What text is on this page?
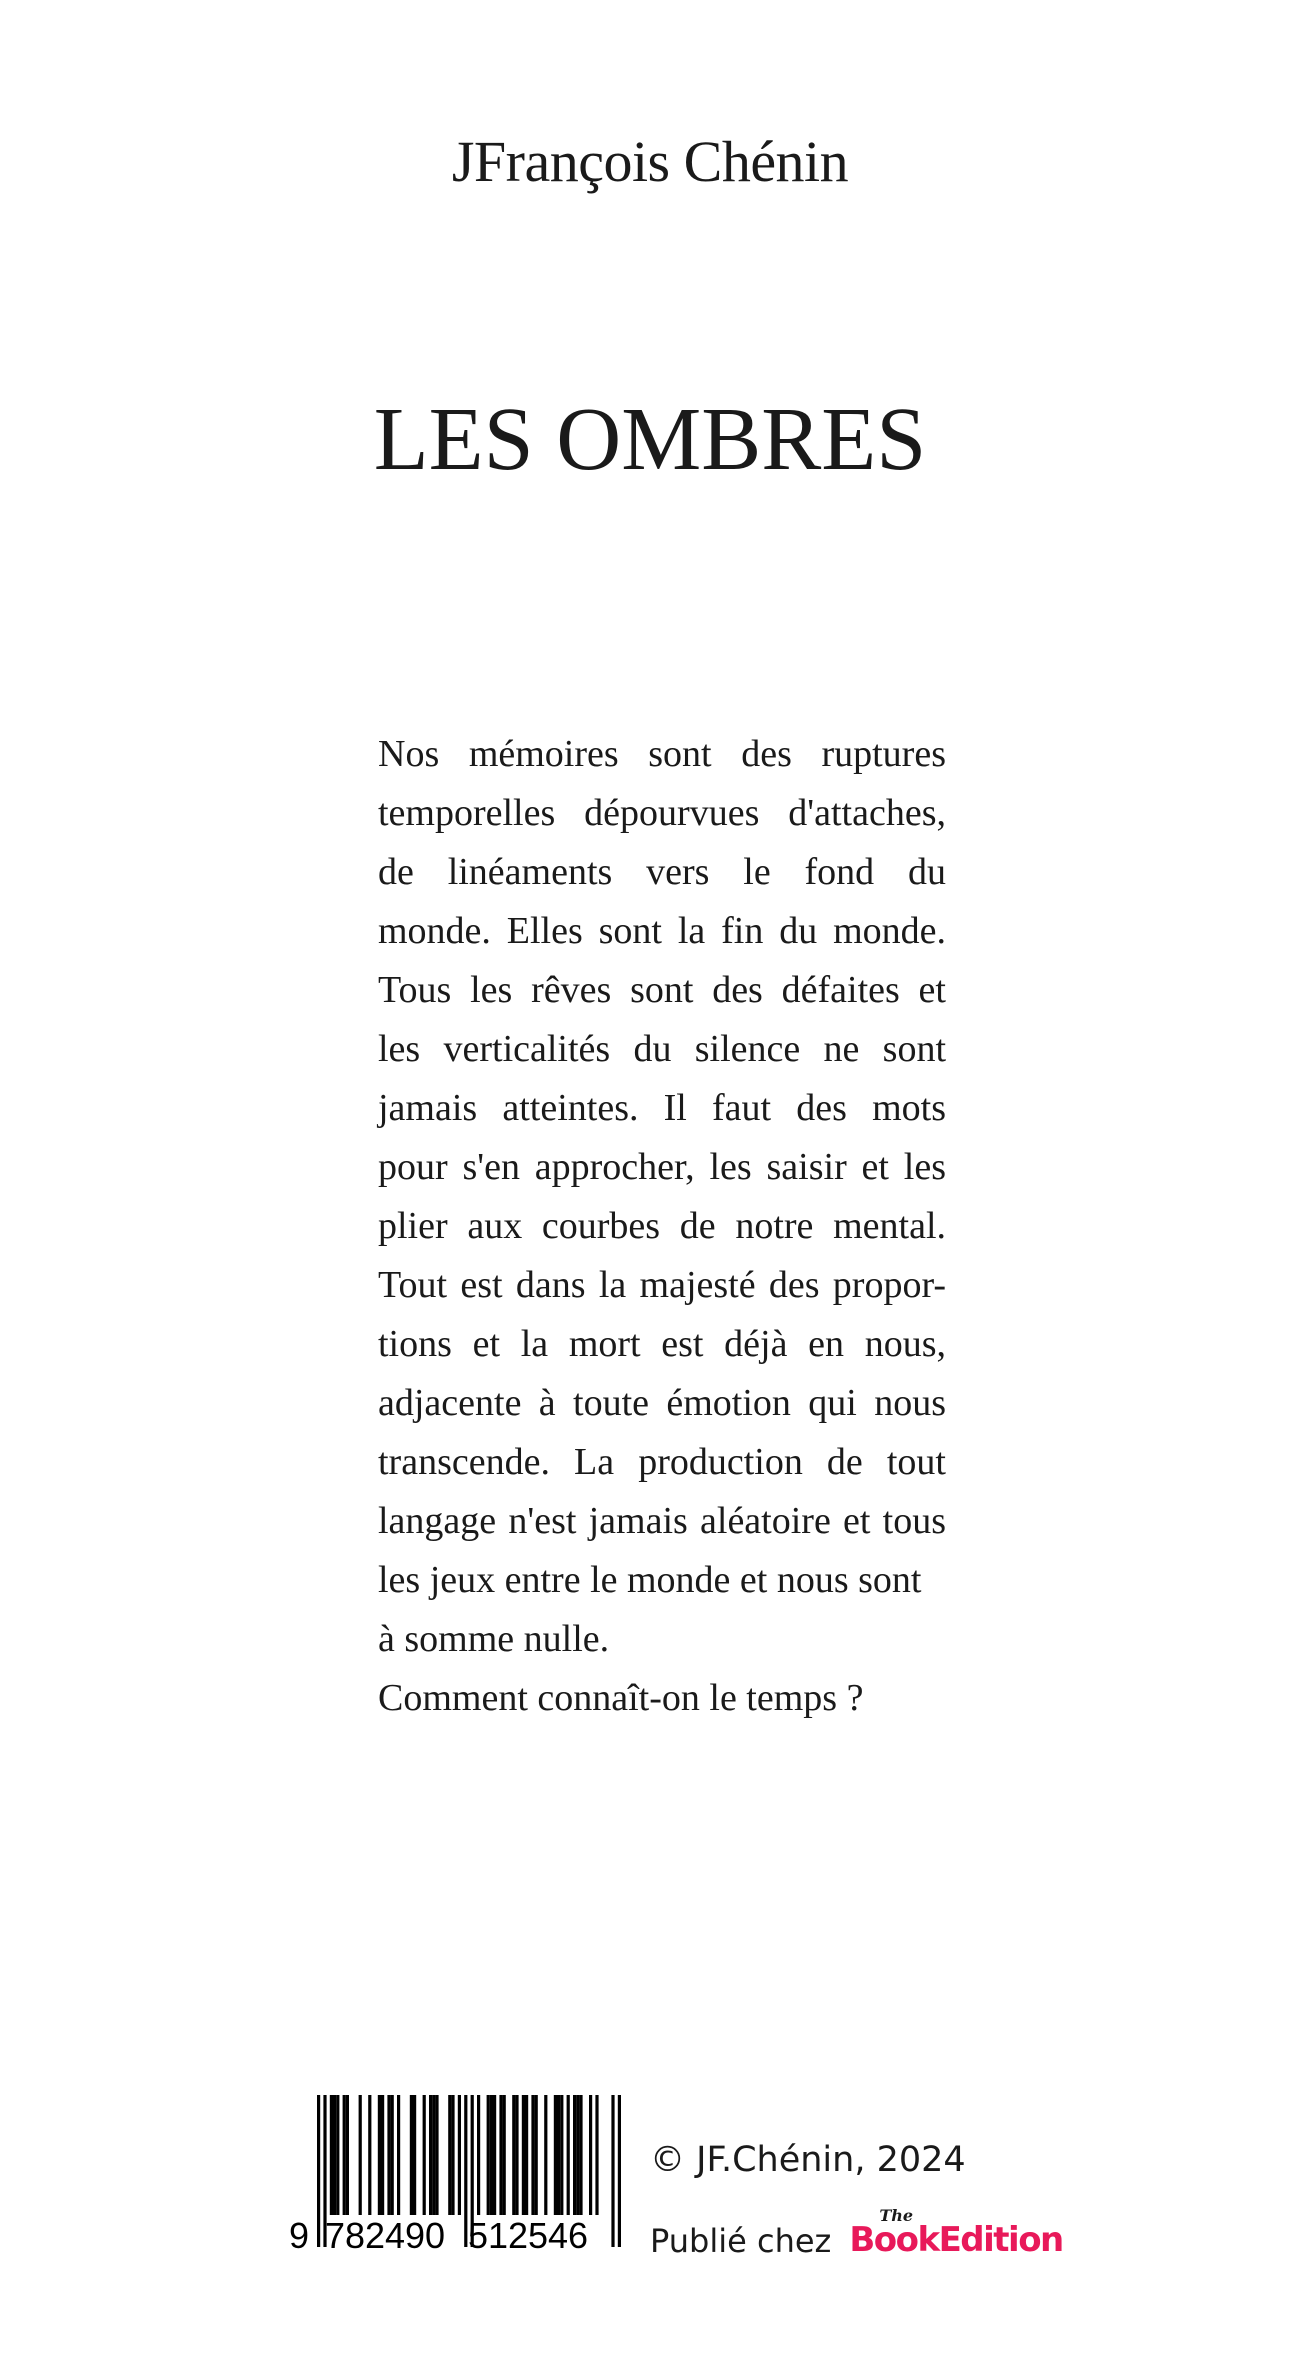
JFrançois Chénin
LES OMBRES
Nos mémoires sont des ruptures
temporelles dépourvues d'attaches,
de linéaments vers le fond du
monde. Elles sont la fin du monde.
Tous les rêves sont des défaites et
les verticalités du silence ne sont
jamais atteintes. Il faut des mots
pour s'en approcher, les saisir et les
plier aux courbes de notre mental.
Tout est dans la majesté des propor-
tions et la mort est déjà en nous,
adjacente à toute émotion qui nous
transcende. La production de tout
langage n'est jamais aléatoire et tous
les jeux entre le monde et nous sont
à somme nulle.
Comment connaît-on le temps ?
9 782490 512546
© JF.Chénin, 2024
Publié chez
The
BookEdition
